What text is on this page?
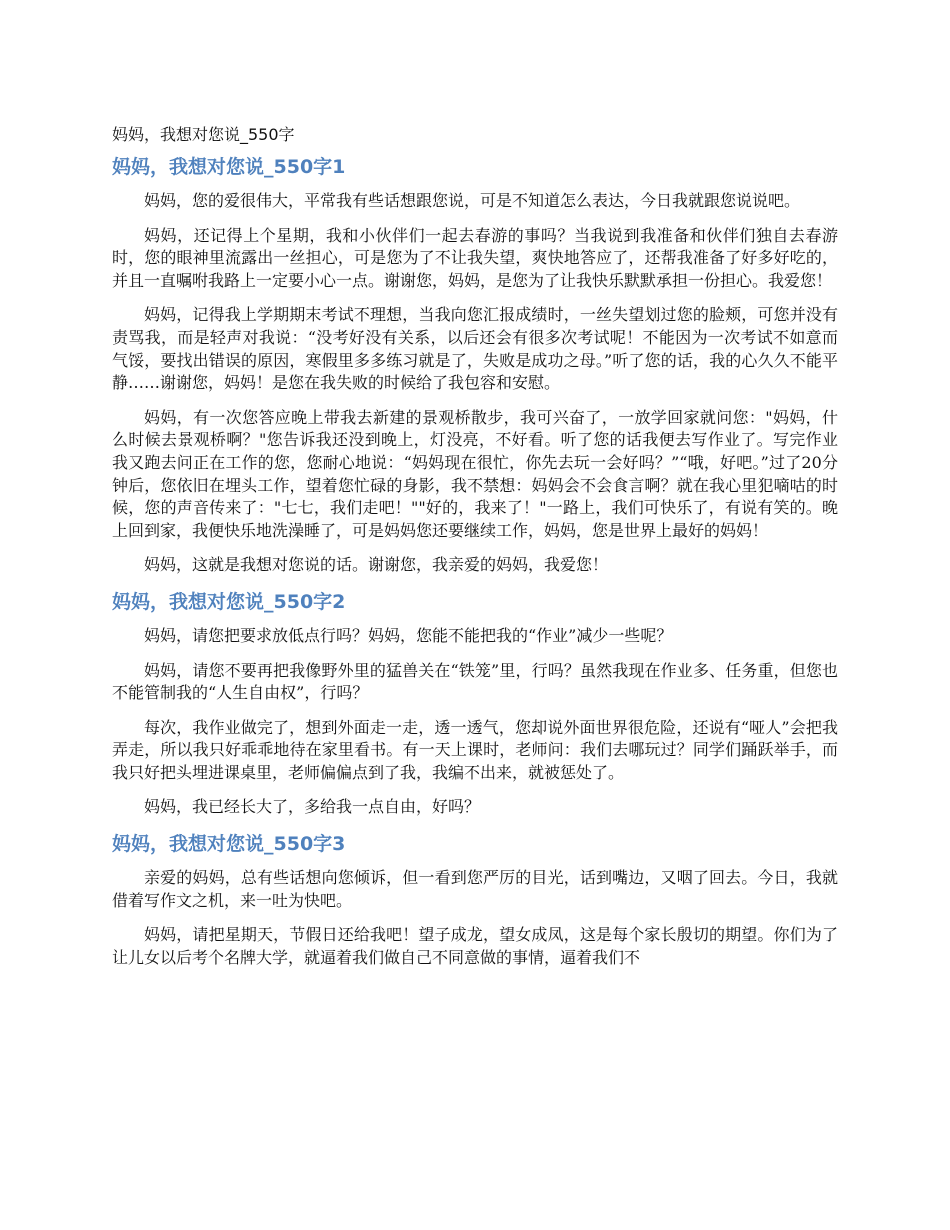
妈妈，我想对您说_550字
妈妈，我想对您说_550字1

妈妈，您的爱很伟大，平常我有些话想跟您说，可是不知道怎么表达，今日我就跟您说说吧。

妈妈，还记得上个星期，我和小伙伴们一起去春游的事吗？当我说到我准备和伙伴们独自去春游时，您的眼神里流露出一丝担心，可是您为了不让我失望，爽快地答应了，还帮我准备了好多好吃的，并且一直嘱咐我路上一定要小心一点。谢谢您，妈妈，是您为了让我快乐默默承担一份担心。我爱您！

妈妈，记得我上学期期末考试不理想，当我向您汇报成绩时，一丝失望划过您的脸颊，可您并没有责骂我，而是轻声对我说：“没考好没有关系，以后还会有很多次考试呢！不能因为一次考试不如意而气馁，要找出错误的原因，寒假里多多练习就是了，失败是成功之母。”听了您的话，我的心久久不能平静……谢谢您，妈妈！是您在我失败的时候给了我包容和安慰。

妈妈，有一次您答应晚上带我去新建的景观桥散步，我可兴奋了，一放学回家就问您："妈妈，什么时候去景观桥啊？"您告诉我还没到晚上，灯没亮，不好看。听了您的话我便去写作业了。写完作业我又跑去问正在工作的您，您耐心地说：“妈妈现在很忙，你先去玩一会好吗？”“哦，好吧。”过了20分钟后，您依旧在埋头工作，望着您忙碌的身影，我不禁想：妈妈会不会食言啊？就在我心里犯嘀咕的时候，您的声音传来了："七七，我们走吧！""好的，我来了！"一路上，我们可快乐了，有说有笑的。晚上回到家，我便快乐地洗澡睡了，可是妈妈您还要继续工作，妈妈，您是世界上最好的妈妈！

妈妈，这就是我想对您说的话。谢谢您，我亲爱的妈妈，我爱您！

妈妈，我想对您说_550字2

妈妈，请您把要求放低点行吗？妈妈，您能不能把我的“作业”减少一些呢？

妈妈，请您不要再把我像野外里的猛兽关在“铁笼”里，行吗？虽然我现在作业多、任务重，但您也不能管制我的“人生自由权”，行吗？

每次，我作业做完了，想到外面走一走，透一透气，您却说外面世界很危险，还说有“哑人”会把我弄走，所以我只好乖乖地待在家里看书。有一天上课时，老师问：我们去哪玩过？同学们踊跃举手，而我只好把头埋进课桌里，老师偏偏点到了我，我编不出来，就被惩处了。

妈妈，我已经长大了，多给我一点自由，好吗？

妈妈，我想对您说_550字3

亲爱的妈妈，总有些话想向您倾诉，但一看到您严厉的目光，话到嘴边，又咽了回去。今日，我就借着写作文之机，来一吐为快吧。

妈妈，请把星期天，节假日还给我吧！望子成龙，望女成凤，这是每个家长殷切的期望。你们为了让儿女以后考个名牌大学，就逼着我们做自己不同意做的事情，逼着我们不
